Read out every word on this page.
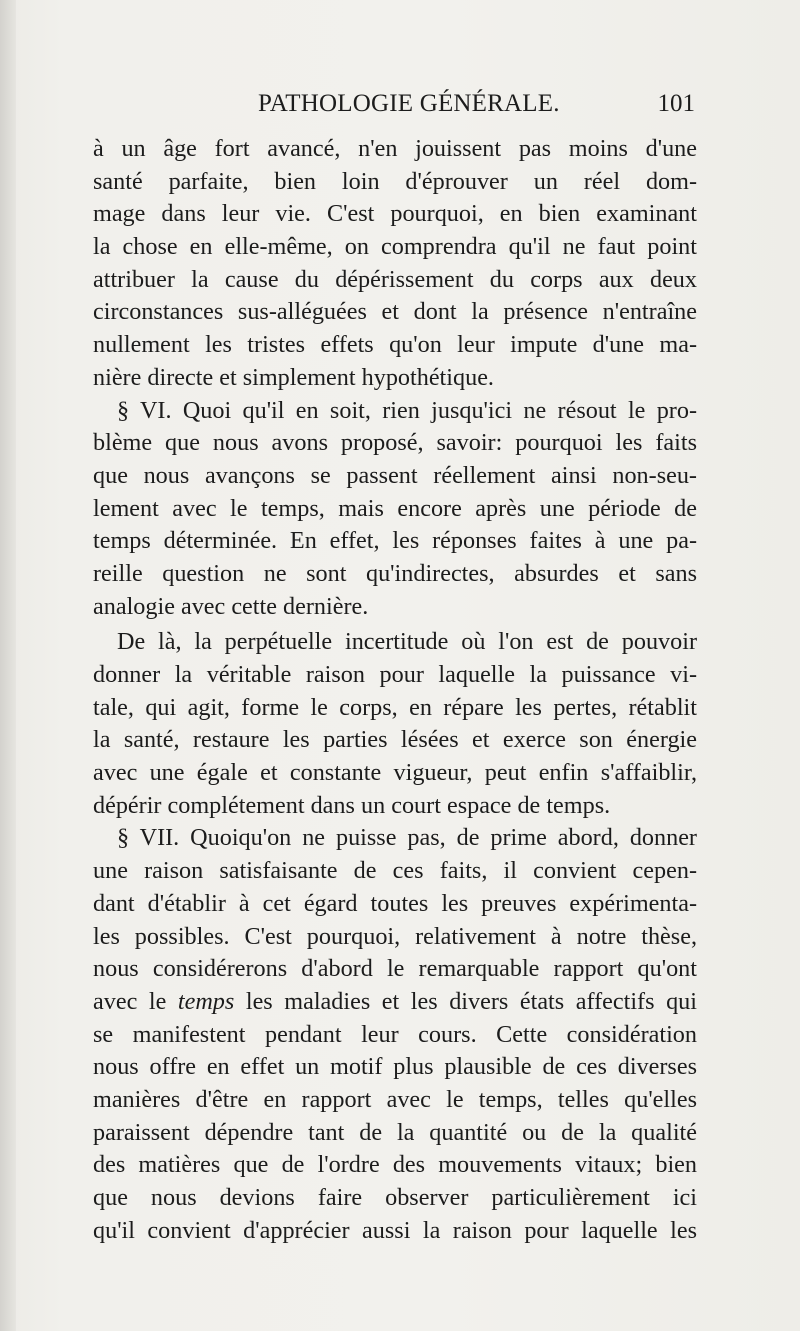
PATHOLOGIE GÉNÉRALE.	101
à un âge fort avancé, n'en jouissent pas moins d'une
santé parfaite, bien loin d'éprouver un réel dom-
mage dans leur vie. C'est pourquoi, en bien examinant
la chose en elle-même, on comprendra qu'il ne faut point
attribuer la cause du dépérissement du corps aux deux
circonstances sus-alléguées et dont la présence n'entraîne
nullement les tristes effets qu'on leur impute d'une ma-
nière directe et simplement hypothétique.
§ VI. Quoi qu'il en soit, rien jusqu'ici ne résout le pro-
blème que nous avons proposé, savoir: pourquoi les faits
que nous avançons se passent réellement ainsi non-seu-
lement avec le temps, mais encore après une période de
temps déterminée. En effet, les réponses faites à une pa-
reille question ne sont qu'indirectes, absurdes et sans
analogie avec cette dernière.
De là, la perpétuelle incertitude où l'on est de pouvoir
donner la véritable raison pour laquelle la puissance vi-
tale, qui agit, forme le corps, en répare les pertes, rétablit
la santé, restaure les parties lésées et exerce son énergie
avec une égale et constante vigueur, peut enfin s'affaiblir,
dépérir complétement dans un court espace de temps.
§ VII. Quoiqu'on ne puisse pas, de prime abord, donner
une raison satisfaisante de ces faits, il convient cepen-
dant d'établir à cet égard toutes les preuves expérimenta-
les possibles. C'est pourquoi, relativement à notre thèse,
nous considérerons d'abord le remarquable rapport qu'ont
avec le temps les maladies et les divers états affectifs qui
se manifestent pendant leur cours. Cette considération
nous offre en effet un motif plus plausible de ces diverses
manières d'être en rapport avec le temps, telles qu'elles
paraissent dépendre tant de la quantité ou de la qualité
des matières que de l'ordre des mouvements vitaux; bien
que nous devions faire observer particulièrement ici
qu'il convient d'apprécier aussi la raison pour laquelle les
